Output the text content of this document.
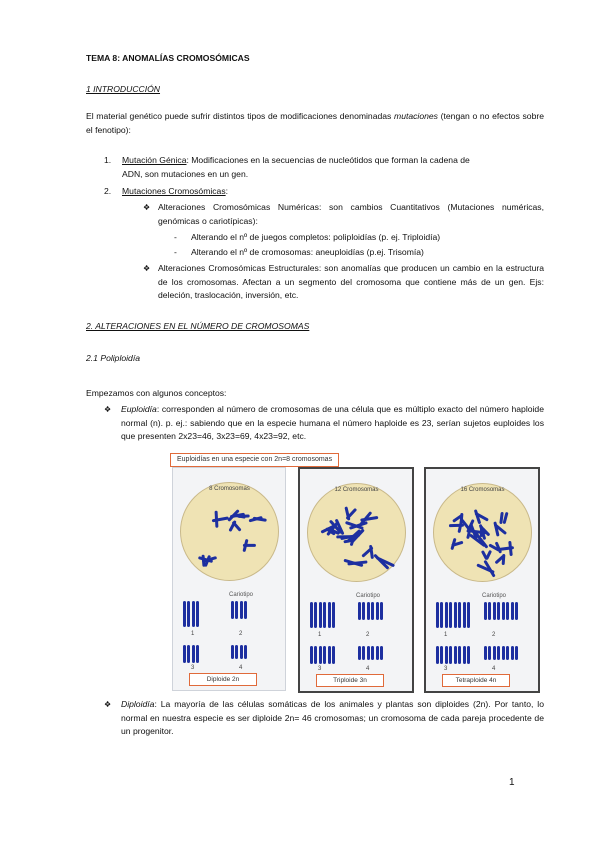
TEMA 8: ANOMALÍAS CROMOSÓMICAS
1 INTRODUCCIÓN
El material genético puede sufrir distintos tipos de modificaciones denominadas mutaciones (tengan o no efectos sobre el fenotipo):
1. Mutación Génica: Modificaciones en la secuencias de nucleótidos que forman la cadena de
ADN, son mutaciones en un gen.
2. Mutaciones Cromosómicas:
❖ Alteraciones Cromosómicas Numéricas: son cambios Cuantitativos (Mutaciones numéricas, genómicas o cariotípicas):
- Alterando el nº de juegos completos: poliploidías (p. ej. Triploidía)
- Alterando el nº de cromosomas: aneuploidías (p.ej. Trisomía)
❖ Alteraciones Cromosómicas Estructurales: son anomalías que producen un cambio en la estructura de los cromosomas. Afectan a un segmento del cromosoma que contiene más de un gen. Ejs: deleción, traslocación, inversión, etc.
2. ALTERACIONES EN EL NÚMERO DE CROMOSOMAS
2.1 Poliploidía
Empezamos con algunos conceptos:
❖ Euploidía: corresponden al número de cromosomas de una célula que es múltiplo exacto del número haploide normal (n). p. ej.: sabiendo que en la especie humana el número haploide es 23, serían sujetos euploides los que presenten 2x23=46, 3x23=69, 4x23=92, etc.
Euploidías en una especie con 2n=8 cromosomas
8 Cromosomas
Cariotipo
1	2
3	4
Diploide 2n
12 Cromosomas
Cariotipo
1	2
3	4
Triploide 3n
16 Cromosomas
Cariotipo
1	2
3	4
Tetraploide 4n
❖ Diploidía: La mayoría de las células somáticas de los animales y plantas son diploides (2n). Por tanto, lo normal en nuestra especie es ser diploide 2n= 46 cromosomas; un cromosoma de cada pareja procedente de un progenitor.
1
